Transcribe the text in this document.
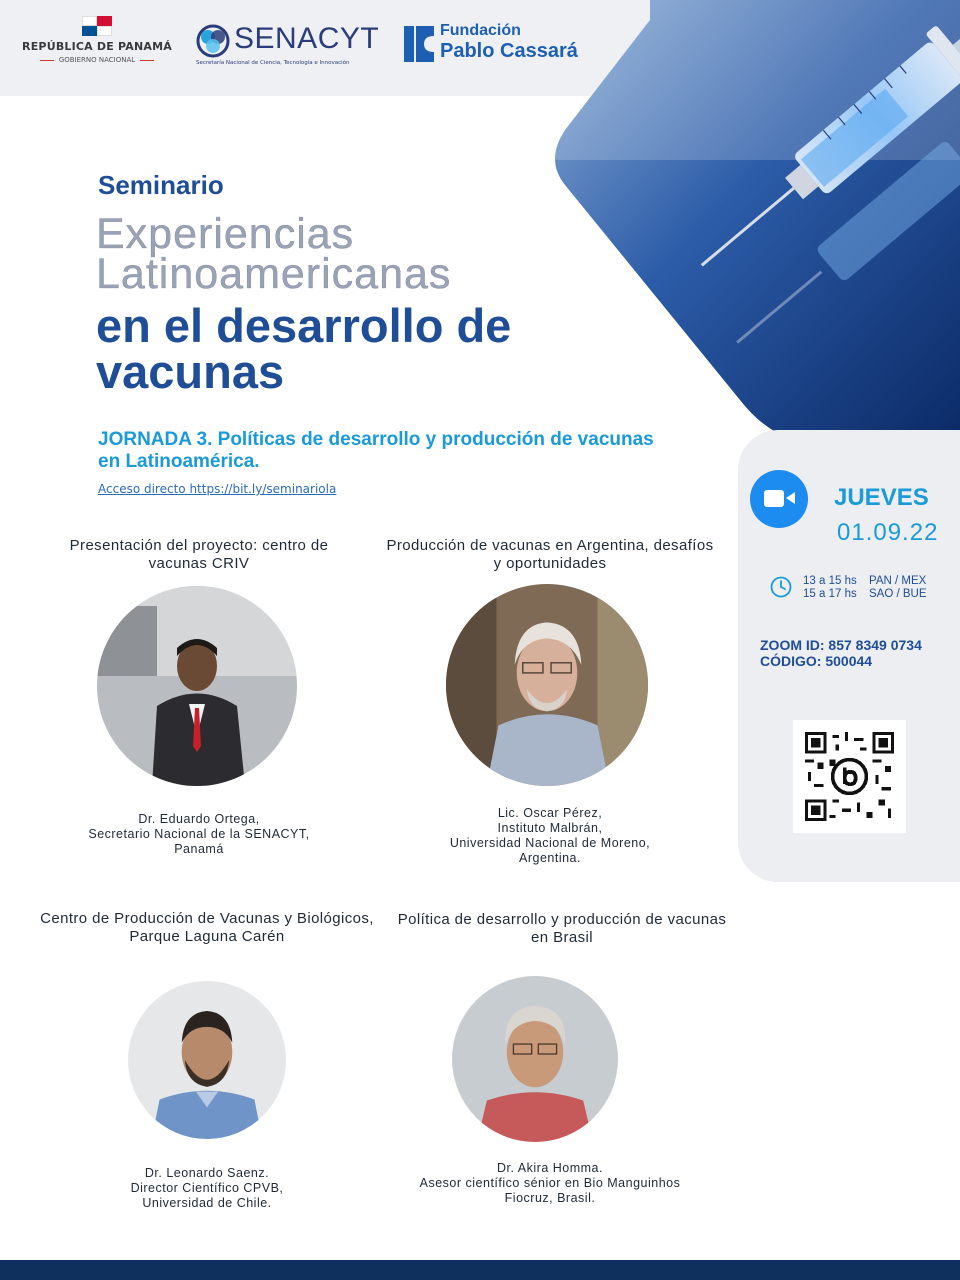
REPÚBLICA DE PANAMÁ
GOBIERNO NACIONAL
SENACYT
Secretaría Nacional de Ciencia, Tecnología e Innovación
Fundación
Pablo Cassará
Seminario
Experiencias Latinoamericanas
en el desarrollo de vacunas
JORNADA 3. Políticas de desarrollo y producción de vacunas en Latinoamérica.
Acceso directo https://bit.ly/seminariola	JUEVES
01.09.22
13 a 15 hs PAN / MEX
15 a 17 hs SAO / BUE
ZOOM ID: 857 8349 0734
CÓDIGO: 500044
Presentación del proyecto: centro de vacunas CRIV
Dr. Eduardo Ortega,
Secretario Nacional de la SENACYT,
Panamá
Producción de vacunas en Argentina, desafíos y oportunidades
Lic. Oscar Pérez,
Instituto Malbrán,
Universidad Nacional de Moreno,
Argentina.
Centro de Producción de Vacunas y Biológicos, Parque Laguna Carén
Dr. Leonardo Saenz.
Director Científico CPVB,
Universidad de Chile.
Política de desarrollo y producción de vacunas en Brasil
Dr. Akira Homma.
Asesor científico sénior en Bio Manguinhos
Fiocruz, Brasil.
